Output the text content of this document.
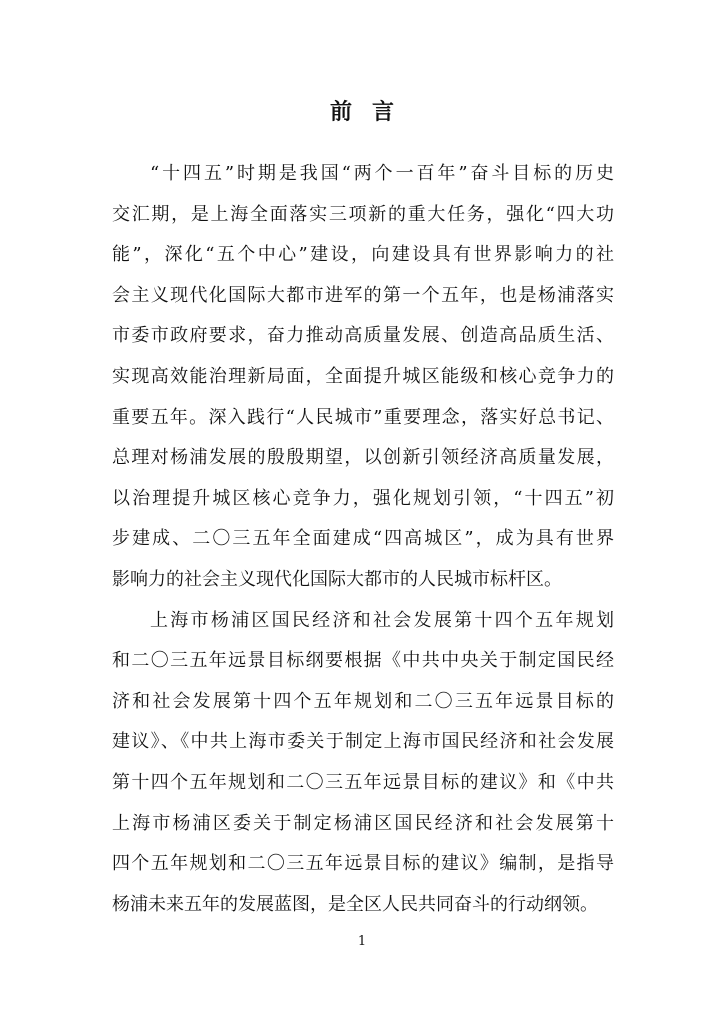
前言
“十四五”时期是我国“两个一百年”奋斗目标的历史
交汇期，是上海全面落实三项新的重大任务，强化“四大功
能”，深化“五个中心”建设，向建设具有世界影响力的社
会主义现代化国际大都市进军的第一个五年，也是杨浦落实
市委市政府要求，奋力推动高质量发展、创造高品质生活、
实现高效能治理新局面，全面提升城区能级和核心竞争力的
重要五年。深入践行“人民城市”重要理念，落实好总书记、
总理对杨浦发展的殷殷期望，以创新引领经济高质量发展，
以治理提升城区核心竞争力，强化规划引领，“十四五”初
步建成、二〇三五年全面建成“四高城区”，成为具有世界
影响力的社会主义现代化国际大都市的人民城市标杆区。
上海市杨浦区国民经济和社会发展第十四个五年规划
和二〇三五年远景目标纲要根据《中共中央关于制定国民经
济和社会发展第十四个五年规划和二〇三五年远景目标的
建议》、《中共上海市委关于制定上海市国民经济和社会发展
第十四个五年规划和二〇三五年远景目标的建议》和《中共
上海市杨浦区委关于制定杨浦区国民经济和社会发展第十
四个五年规划和二〇三五年远景目标的建议》编制，是指导
杨浦未来五年的发展蓝图，是全区人民共同奋斗的行动纲领。
1
